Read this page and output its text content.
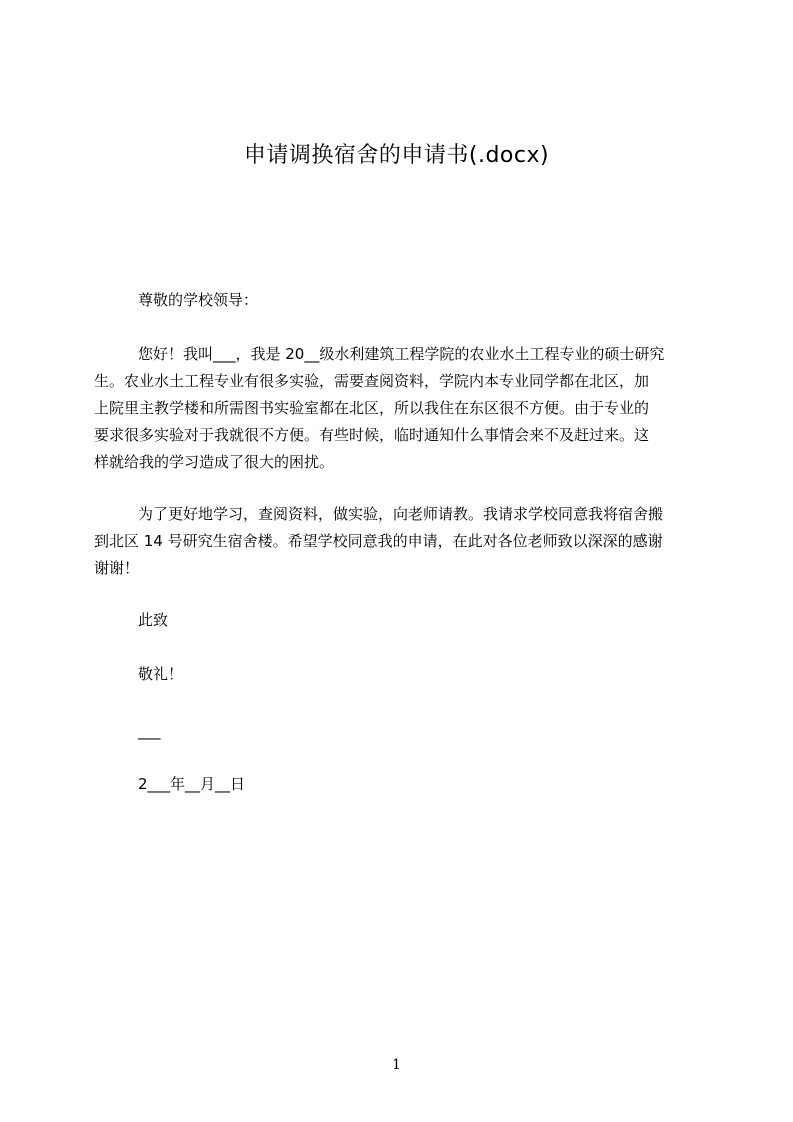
申请调换宿舍的申请书(.docx)
尊敬的学校领导：
您好！我叫___，我是 20__级水利建筑工程学院的农业水土工程专业的硕士研究
生。农业水土工程专业有很多实验，需要查阅资料，学院内本专业同学都在北区，加
上院里主教学楼和所需图书实验室都在北区，所以我住在东区很不方便。由于专业的
要求很多实验对于我就很不方便。有些时候，临时通知什么事情会来不及赶过来。这
样就给我的学习造成了很大的困扰。
为了更好地学习，查阅资料，做实验，向老师请教。我请求学校同意我将宿舍搬
到北区 14 号研究生宿舍楼。希望学校同意我的申请，在此对各位老师致以深深的感谢
谢谢！
此致
敬礼！
___
2___年__月__日
1
